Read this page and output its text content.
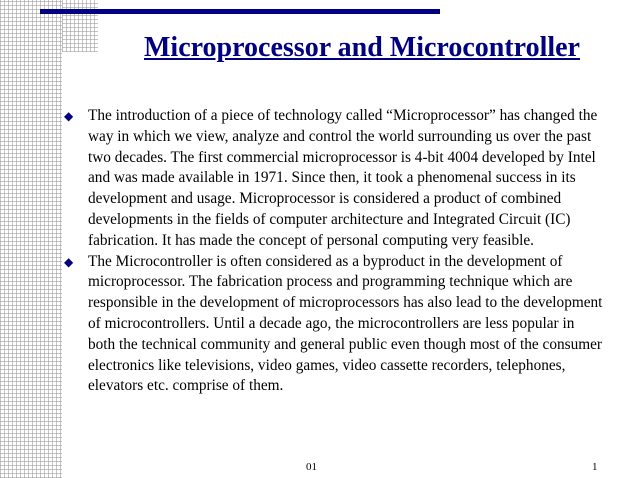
Microprocessor and Microcontroller

◆ The introduction of a piece of technology called “Microprocessor” has changed the way in which we view, analyze and control the world surrounding us over the past two decades. The first commercial microprocessor is 4-bit 4004 developed by Intel and was made available in 1971. Since then, it took a phenomenal success in its development and usage. Microprocessor is considered a product of combined developments in the fields of computer architecture and Integrated Circuit (IC) fabrication. It has made the concept of personal computing very feasible.

◆ The Microcontroller is often considered as a byproduct in the development of microprocessor. The fabrication process and programming technique which are responsible in the development of microprocessors has also lead to the development of microcontrollers. Until a decade ago, the microcontrollers are less popular in both the technical community and general public even though most of the consumer electronics like televisions, video games, video cassette recorders, telephones, elevators etc. comprise of them.

01	1
